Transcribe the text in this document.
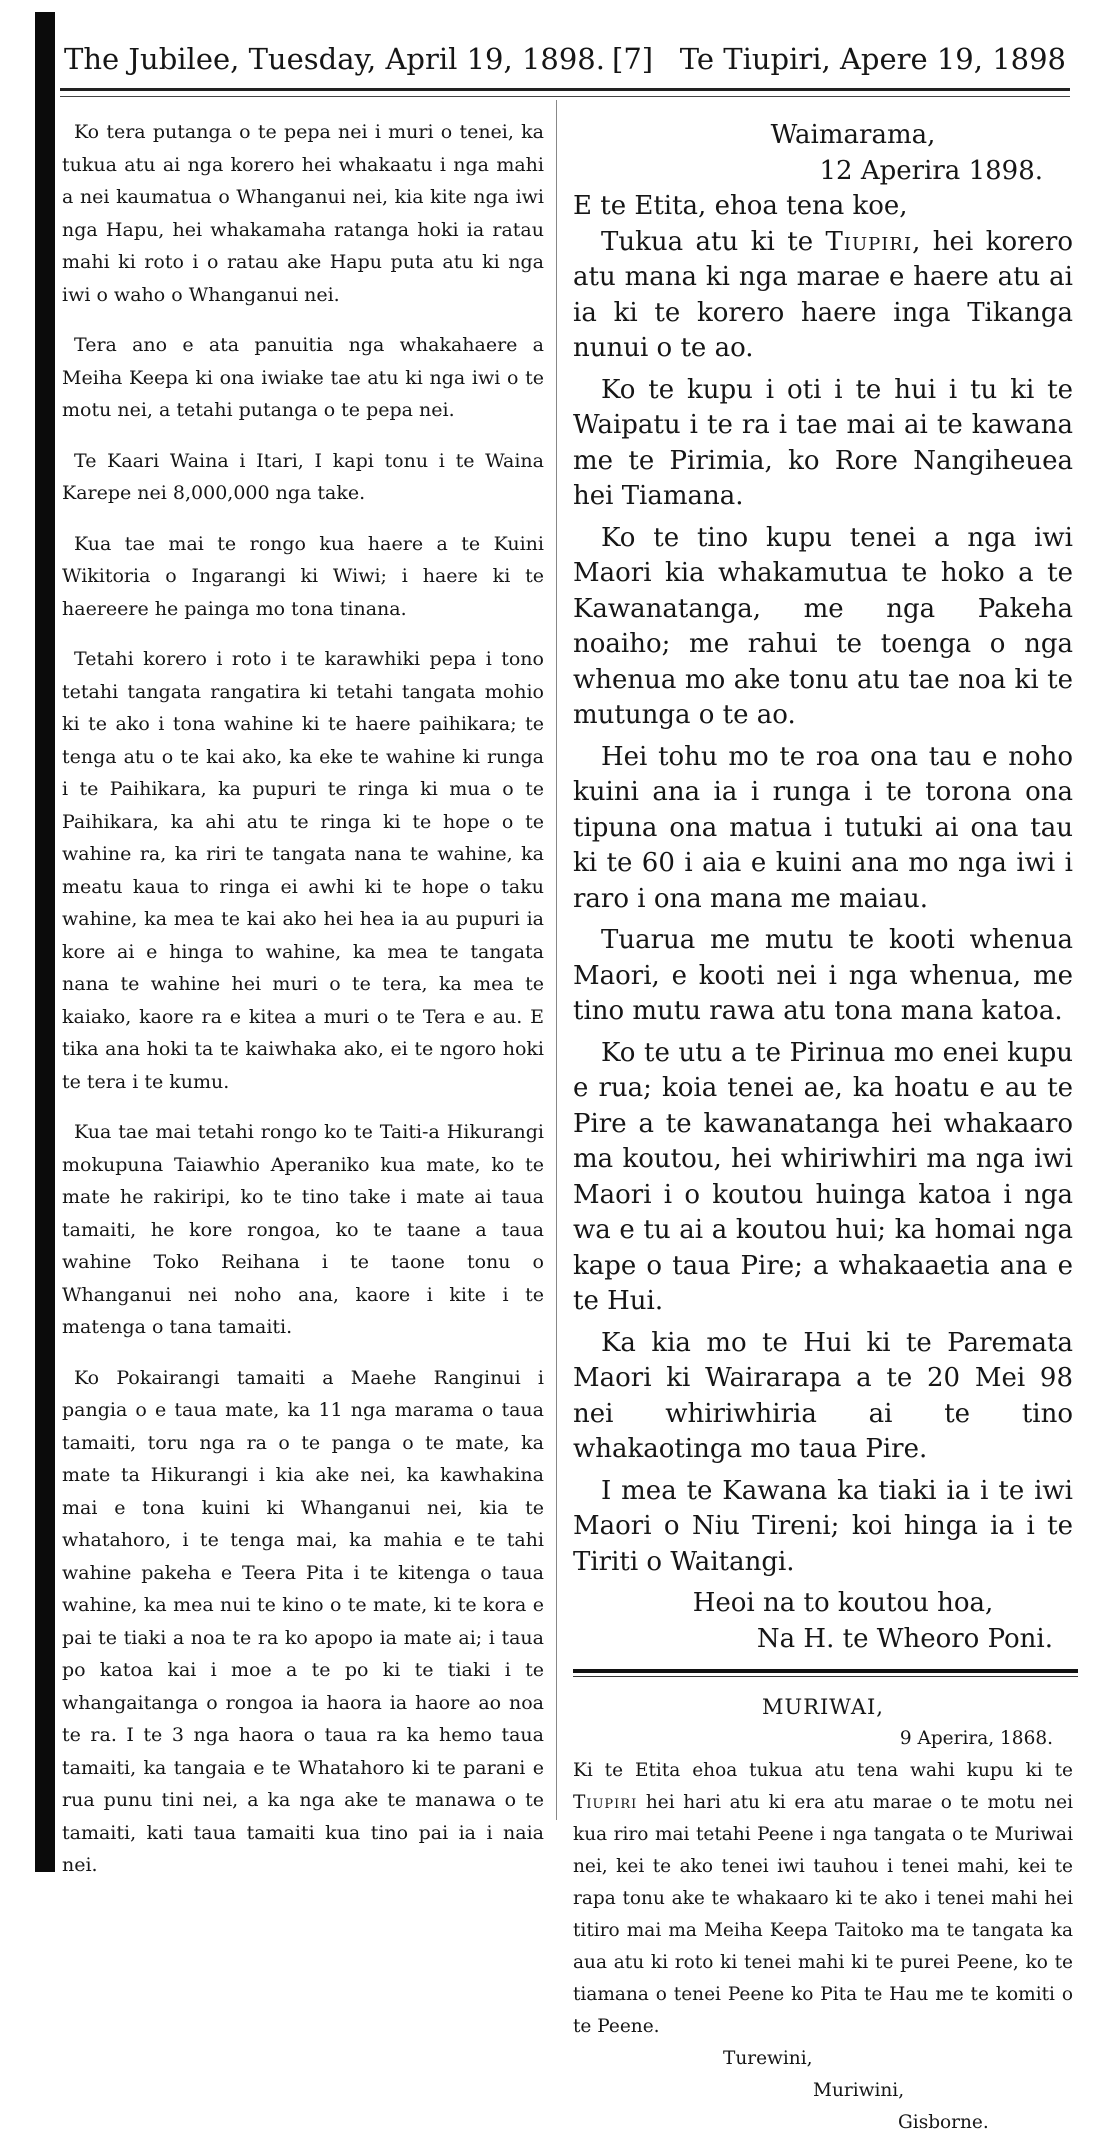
The Jubilee, Tuesday, April 19, 1898. [7] Te Tiupiri, Apere 19, 1898

Ko tera putanga o te pepa nei i muri o tenei, ka tukua atu ai nga korero hei whakaatu i nga mahi a nei kaumatua o Whanganui nei, kia kite nga iwi nga Hapu, hei whakamaha ratanga hoki ia ratau mahi ki roto i o ratau ake Hapu puta atu ki nga iwi o waho o Whanganui nei.

Tera ano e ata panuitia nga whakahaere a Meiha Keepa ki ona iwiake tae atu ki nga iwi o te motu nei, a tetahi putanga o te pepa nei.

Te Kaari Waina i Itari, I kapi tonu i te Waina Karepe nei 8,000,000 nga take.

Kua tae mai te rongo kua haere a te Kuini Wikitoria o Ingarangi ki Wiwi; i haere ki te haereere he painga mo tona tinana.

Tetahi korero i roto i te karawhiki pepa i tono tetahi tangata rangatira ki tetahi tangata mohio ki te ako i tona wahine ki te haere paihikara; te tenga atu o te kai ako, ka eke te wahine ki runga i te Paihikara, ka pupuri te ringa ki mua o te Paihikara, ka ahi atu te ringa ki te hope o te wahine ra, ka riri te tangata nana te wahine, ka meatu kaua to ringa ei awhi ki te hope o taku wahine, ka mea te kai ako hei hea ia au pupuri ia kore ai e hinga to wahine, ka mea te tangata nana te wahine hei muri o te tera, ka mea te kaiako, kaore ra e kitea a muri o te Tera e au. E tika ana hoki ta te kaiwhaka ako, ei te ngoro hoki te tera i te kumu.

Kua tae mai tetahi rongo ko te Taiti-a Hikurangi mokupuna Taiawhio Aperaniko kua mate, ko te mate he rakiripi, ko te tino take i mate ai taua tamaiti, he kore rongoa, ko te taane a taua wahine Toko Reihana i te taone tonu o Whanganui nei noho ana, kaore i kite i te matenga o tana tamaiti.

Ko Pokairangi tamaiti a Maehe Ranginui i pangia o e taua mate, ka 11 nga marama o taua tamaiti, toru nga ra o te panga o te mate, ka mate ta Hikurangi i kia ake nei, ka kawhakina mai e tona kuini ki Whanganui nei, kia te whatahoro, i te tenga mai, ka mahia e te tahi wahine pakeha e Teera Pita i te kitenga o taua wahine, ka mea nui te kino o te mate, ki te kora e pai te tiaki a noa te ra ko apopo ia mate ai; i taua po katoa kai i moe a te po ki te tiaki i te whangaitanga o rongoa ia haora ia haore ao noa te ra. I te 3 nga haora o taua ra ka hemo taua tamaiti, ka tangaia e te Whatahoro ki te parani e rua punu tini nei, a ka nga ake te manawa o te tamaiti, kati taua tamaiti kua tino pai ia i naia nei.

Waimarama,

12 Aperira 1898.

E te Etita, ehoa tena koe,

Tukua atu ki te Tiupiri, hei korero atu mana ki nga marae e haere atu ai ia ki te korero haere inga Tikanga nunui o te ao.

Ko te kupu i oti i te hui i tu ki te Waipatu i te ra i tae mai ai te kawana me te Pirimia, ko Rore Nangiheuea hei Tiamana.

Ko te tino kupu tenei a nga iwi Maori kia whakamutua te hoko a te Kawanatanga, me nga Pakeha noaiho; me rahui te toenga o nga whenua mo ake tonu atu tae noa ki te mutunga o te ao.

Hei tohu mo te roa ona tau e noho kuini ana ia i runga i te torona ona tipuna ona matua i tutuki ai ona tau ki te 60 i aia e kuini ana mo nga iwi i raro i ona mana me maiau.

Tuarua me mutu te kooti whenua Maori, e kooti nei i nga whenua, me tino mutu rawa atu tona mana katoa.

Ko te utu a te Pirinua mo enei kupu e rua; koia tenei ae, ka hoatu e au te Pire a te kawanatanga hei whakaaro ma koutou, hei whiriwhiri ma nga iwi Maori i o koutou huinga katoa i nga wa e tu ai a koutou hui; ka homai nga kape o taua Pire; a whakaaetia ana e te Hui.

Ka kia mo te Hui ki te Paremata Maori ki Wairarapa a te 20 Mei 98 nei whiriwhiria ai te tino whakaotinga mo taua Pire.

I mea te Kawana ka tiaki ia i te iwi Maori o Niu Tireni; koi hinga ia i te Tiriti o Waitangi.

Heoi na to koutou hoa,

Na H. te Wheoro Poni.

MURIWAI,

9 Aperira, 1868.

Ki te Etita ehoa tukua atu tena wahi kupu ki te Tiupiri hei hari atu ki era atu marae o te motu nei kua riro mai tetahi Peene i nga tangata o te Muriwai nei, kei te ako tenei iwi tauhou i tenei mahi, kei te rapa tonu ake te whakaaro ki te ako i tenei mahi hei titiro mai ma Meiha Keepa Taitoko ma te tangata ka aua atu ki roto ki tenei mahi ki te purei Peene, ko te tiamana o tenei Peene ko Pita te Hau me te komiti o te Peene.

Turewini,

Muriwini,

Gisborne.
